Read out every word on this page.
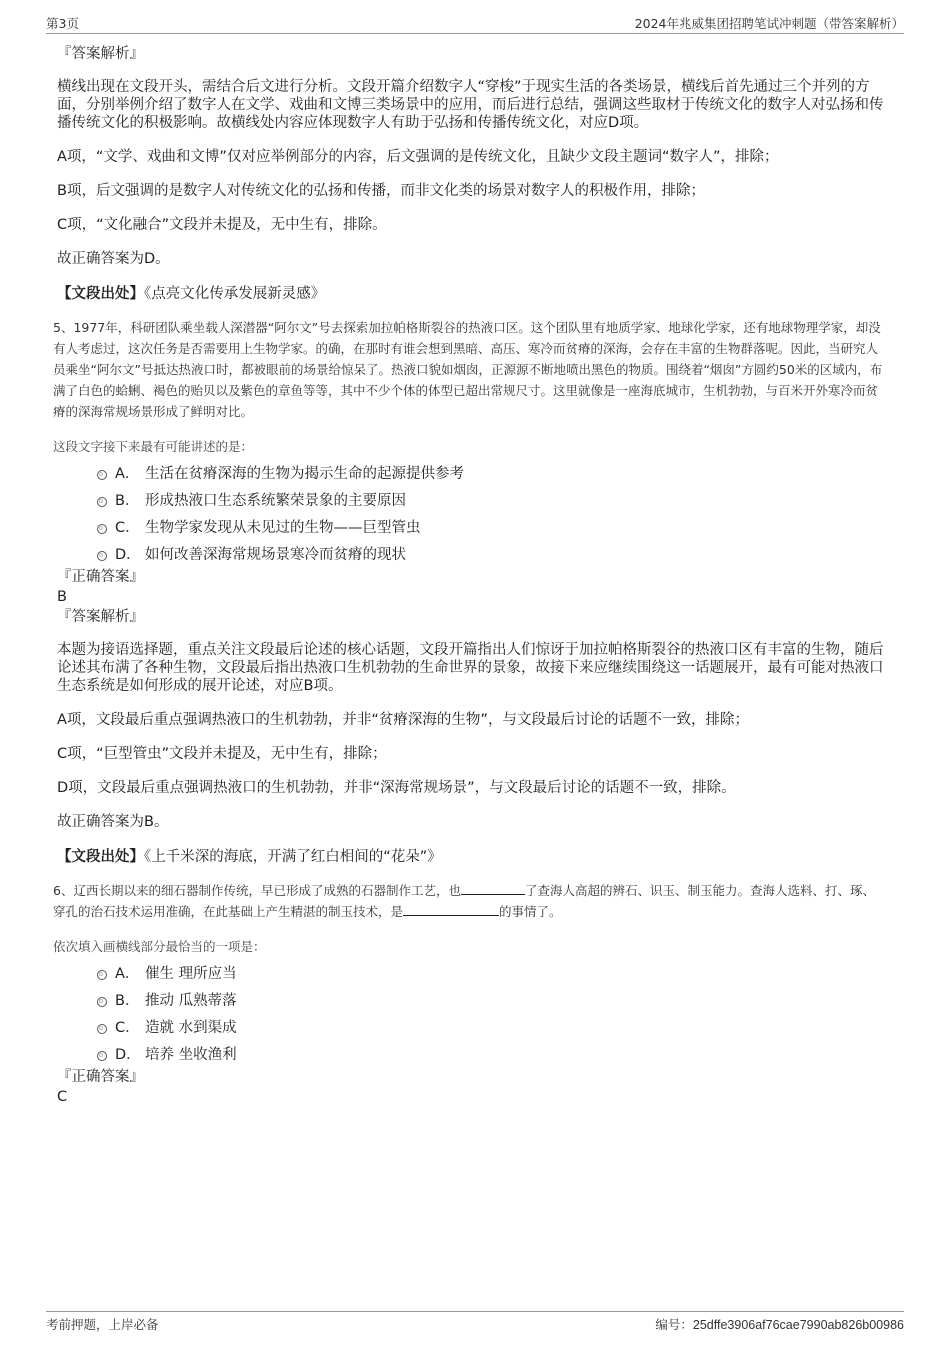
第3页	2024年兆威集团招聘笔试冲刺题（带答案解析）
『答案解析』

横线出现在文段开头，需结合后文进行分析。文段开篇介绍数字人“穿梭”于现实生活的各类场景，横线后首先通过三个并列的方面，分别举例介绍了数字人在文学、戏曲和文博三类场景中的应用，而后进行总结，强调这些取材于传统文化的数字人对弘扬和传播传统文化的积极影响。故横线处内容应体现数字人有助于弘扬和传播传统文化，对应D项。

A项，“文学、戏曲和文博”仅对应举例部分的内容，后文强调的是传统文化，且缺少文段主题词“数字人”，排除；

B项，后文强调的是数字人对传统文化的弘扬和传播，而非文化类的场景对数字人的积极作用，排除；

C项，“文化融合”文段并未提及，无中生有，排除。

故正确答案为D。

【文段出处】《点亮文化传承发展新灵感》

5、1977年，科研团队乘坐载人深潜器“阿尔文”号去探索加拉帕格斯裂谷的热液口区。这个团队里有地质学家、地球化学家，还有地球物理学家，却没有人考虑过，这次任务是否需要用上生物学家。的确，在那时有谁会想到黑暗、高压、寒冷而贫瘠的深海，会存在丰富的生物群落呢。因此，当研究人员乘坐“阿尔文”号抵达热液口时，都被眼前的场景给惊呆了。热液口貌如烟囱，正源源不断地喷出黑色的物质。围绕着“烟囱”方圆约50米的区域内，布满了白色的蛤蜊、褐色的贻贝以及紫色的章鱼等等，其中不少个体的体型已超出常规尺寸。这里就像是一座海底城市，生机勃勃，与百米开外寒冷而贫瘠的深海常规场景形成了鲜明对比。

这段文字接下来最有可能讲述的是：
A． 生活在贫瘠深海的生物为揭示生命的起源提供参考
B． 形成热液口生态系统繁荣景象的主要原因
C． 生物学家发现从未见过的生物——巨型管虫
D． 如何改善深海常规场景寒冷而贫瘠的现状
『正确答案』
B
『答案解析』

本题为接语选择题，重点关注文段最后论述的核心话题，文段开篇指出人们惊讶于加拉帕格斯裂谷的热液口区有丰富的生物，随后论述其布满了各种生物，文段最后指出热液口生机勃勃的生命世界的景象，故接下来应继续围绕这一话题展开，最有可能对热液口生态系统是如何形成的展开论述，对应B项。

A项，文段最后重点强调热液口的生机勃勃，并非“贫瘠深海的生物”，与文段最后讨论的话题不一致，排除；

C项，“巨型管虫”文段并未提及，无中生有，排除；

D项，文段最后重点强调热液口的生机勃勃，并非“深海常规场景”，与文段最后讨论的话题不一致，排除。

故正确答案为B。

【文段出处】《上千米深的海底，开满了红白相间的“花朵”》

6、辽西长期以来的细石器制作传统，早已形成了成熟的石器制作工艺，也	了查海人高超的辨石、识玉、制玉能力。查海人选料、打、琢、穿孔的治石技术运用准确，在此基础上产生精湛的制玉技术，是	的事情了。

依次填入画横线部分最恰当的一项是：
A． 催生 理所应当
B． 推动 瓜熟蒂落
C． 造就 水到渠成
D． 培养 坐收渔利
『正确答案』
C
考前押题，上岸必备	编号：25dffe3906af76cae7990ab826b00986
